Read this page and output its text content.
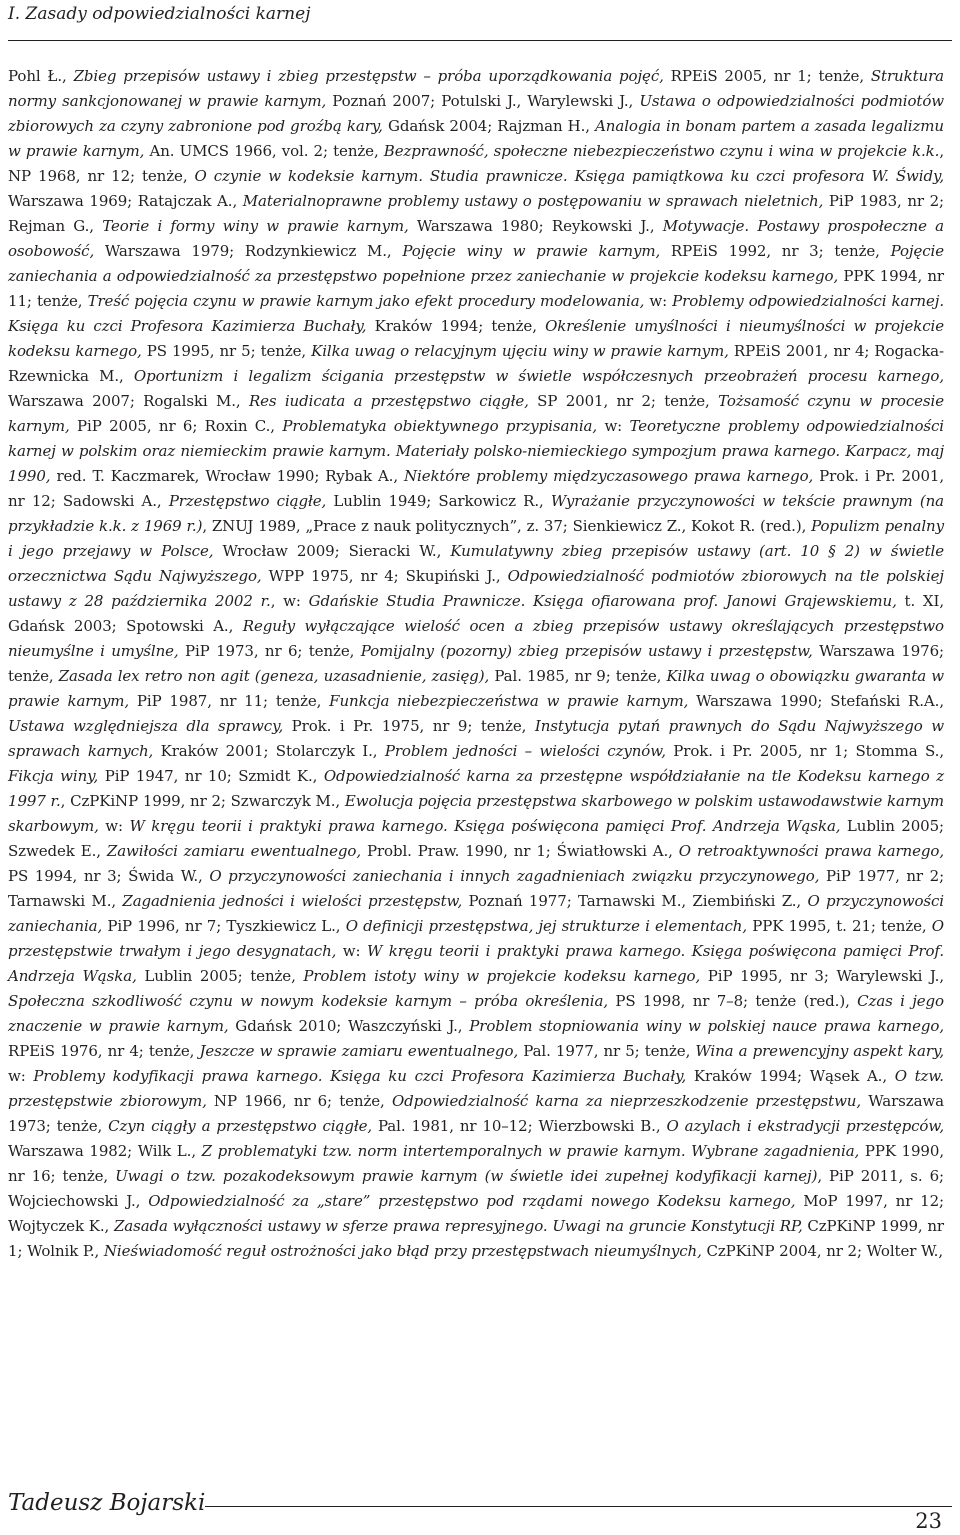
I. Zasady odpowiedzialności karnej
Pohl Ł., Zbieg przepisów ustawy i zbieg przestępstw – próba uporządkowania pojęć, RPEiS 2005, nr 1; tenże, Struktura normy sankcjonowanej w prawie karnym, Poznań 2007; Potulski J., Warylewski J., Ustawa o odpowiedzialności podmiotów zbiorowych za czyny zabronione pod groźbą kary, Gdańsk 2004; Rajzman H., Analogia in bonam partem a zasada legalizmu w prawie karnym, An. UMCS 1966, vol. 2; tenże, Bezprawność, społeczne niebezpieczeństwo czynu i wina w projekcie k.k., NP 1968, nr 12; tenże, O czynie w kodeksie karnym. Studia prawnicze. Księga pamiątkowa ku czci profesora W. Świdy, Warszawa 1969; Ratajczak A., Materialnoprawne problemy ustawy o postępowaniu w sprawach nieletnich, PiP 1983, nr 2; Rejman G., Teorie i formy winy w prawie karnym, Warszawa 1980; Reykowski J., Motywacje. Postawy prospołeczne a osobowość, Warszawa 1979; Rodzynkiewicz M., Pojęcie winy w prawie karnym, RPEiS 1992, nr 3; tenże, Pojęcie zaniechania a odpowiedzialność za przestępstwo popełnione przez zaniechanie w projekcie kodeksu karnego, PPK 1994, nr 11; tenże, Treść pojęcia czynu w prawie karnym jako efekt procedury modelowania, w: Problemy odpowiedzialności karnej. Księga ku czci Profesora Kazimierza Buchały, Kraków 1994; tenże, Określenie umyślności i nieumyślności w projekcie kodeksu karnego, PS 1995, nr 5; tenże, Kilka uwag o relacyjnym ujęciu winy w prawie karnym, RPEiS 2001, nr 4; Rogacka-Rzewnicka M., Oportunizm i legalizm ścigania przestępstw w świetle współczesnych przeobrażeń procesu karnego, Warszawa 2007; Rogalski M., Res iudicata a przestępstwo ciągłe, SP 2001, nr 2; tenże, Tożsamość czynu w procesie karnym, PiP 2005, nr 6; Roxin C., Problematyka obiektywnego przypisania, w: Teoretyczne problemy odpowiedzialności karnej w polskim oraz niemieckim prawie karnym. Materiały polsko-niemieckiego sympozjum prawa karnego. Karpacz, maj 1990, red. T. Kaczmarek, Wrocław 1990; Rybak A., Niektóre problemy międzyczasowego prawa karnego, Prok. i Pr. 2001, nr 12; Sadowski A., Przestępstwo ciągłe, Lublin 1949; Sarkowicz R., Wyrażanie przyczynowości w tekście prawnym (na przykładzie k.k. z 1969 r.), ZNUJ 1989, „Prace z nauk politycznych”, z. 37; Sienkiewicz Z., Kokot R. (red.), Populizm penalny i jego przejawy w Polsce, Wrocław 2009; Sieracki W., Kumulatywny zbieg przepisów ustawy (art. 10 § 2) w świetle orzecznictwa Sądu Najwyższego, WPP 1975, nr 4; Skupiński J., Odpowiedzialność podmiotów zbiorowych na tle polskiej ustawy z 28 października 2002 r., w: Gdańskie Studia Prawnicze. Księga ofiarowana prof. Janowi Grajewskiemu, t. XI, Gdańsk 2003; Spotowski A., Reguły wyłączające wielość ocen a zbieg przepisów ustawy określających przestępstwo nieumyślne i umyślne, PiP 1973, nr 6; tenże, Pomijalny (pozorny) zbieg przepisów ustawy i przestępstw, Warszawa 1976; tenże, Zasada lex retro non agit (geneza, uzasadnienie, zasięg), Pal. 1985, nr 9; tenże, Kilka uwag o obowiązku gwaranta w prawie karnym, PiP 1987, nr 11; tenże, Funkcja niebezpieczeństwa w prawie karnym, Warszawa 1990; Stefański R.A., Ustawa względniejsza dla sprawcy, Prok. i Pr. 1975, nr 9; tenże, Instytucja pytań prawnych do Sądu Najwyższego w sprawach karnych, Kraków 2001; Stolarczyk I., Problem jedności – wielości czynów, Prok. i Pr. 2005, nr 1; Stomma S., Fikcja winy, PiP 1947, nr 10; Szmidt K., Odpowiedzialność karna za przestępne współdziałanie na tle Kodeksu karnego z 1997 r., CzPKiNP 1999, nr 2; Szwarczyk M., Ewolucja pojęcia przestępstwa skarbowego w polskim ustawodawstwie karnym skarbowym, w: W kręgu teorii i praktyki prawa karnego. Księga poświęcona pamięci Prof. Andrzeja Wąska, Lublin 2005; Szwedek E., Zawiłości zamiaru ewentualnego, Probl. Praw. 1990, nr 1; Światłowski A., O retroaktywności prawa karnego, PS 1994, nr 3; Świda W., O przyczynowości zaniechania i innych zagadnieniach związku przyczynowego, PiP 1977, nr 2; Tarnawski M., Zagadnienia jedności i wielości przestępstw, Poznań 1977; Tarnawski M., Ziembiński Z., O przyczynowości zaniechania, PiP 1996, nr 7; Tyszkiewicz L., O definicji przestępstwa, jej strukturze i elementach, PPK 1995, t. 21; tenże, O przestępstwie trwałym i jego desygnatach, w: W kręgu teorii i praktyki prawa karnego. Księga poświęcona pamięci Prof. Andrzeja Wąska, Lublin 2005; tenże, Problem istoty winy w projekcie kodeksu karnego, PiP 1995, nr 3; Warylewski J., Społeczna szkodliwość czynu w nowym kodeksie karnym – próba określenia, PS 1998, nr 7–8; tenże (red.), Czas i jego znaczenie w prawie karnym, Gdańsk 2010; Waszczyński J., Problem stopniowania winy w polskiej nauce prawa karnego, RPEiS 1976, nr 4; tenże, Jeszcze w sprawie zamiaru ewentualnego, Pal. 1977, nr 5; tenże, Wina a prewencyjny aspekt kary, w: Problemy kodyfikacji prawa karnego. Księga ku czci Profesora Kazimierza Buchały, Kraków 1994; Wąsek A., O tzw. przestępstwie zbiorowym, NP 1966, nr 6; tenże, Odpowiedzialność karna za nieprzeszkodzenie przestępstwu, Warszawa 1973; tenże, Czyn ciągły a przestępstwo ciągłe, Pal. 1981, nr 10–12; Wierzbowski B., O azylach i ekstradycji przestępców, Warszawa 1982; Wilk L., Z problematyki tzw. norm intertemporalnych w prawie karnym. Wybrane zagadnienia, PPK 1990, nr 16; tenże, Uwagi o tzw. pozakodeksowym prawie karnym (w świetle idei zupełnej kodyfikacji karnej), PiP 2011, s. 6; Wojciechowski J., Odpowiedzialność za „stare” przestępstwo pod rządami nowego Kodeksu karnego, MoP 1997, nr 12; Wojtyczek K., Zasada wyłączności ustawy w sferze prawa represyjnego. Uwagi na gruncie Konstytucji RP, CzPKiNP 1999, nr 1; Wolnik P., Nieświadomość reguł ostrożności jako błąd przy przestępstwach nieumyślnych, CzPKiNP 2004, nr 2; Wolter W.,
Tadeusz Bojarski
23
